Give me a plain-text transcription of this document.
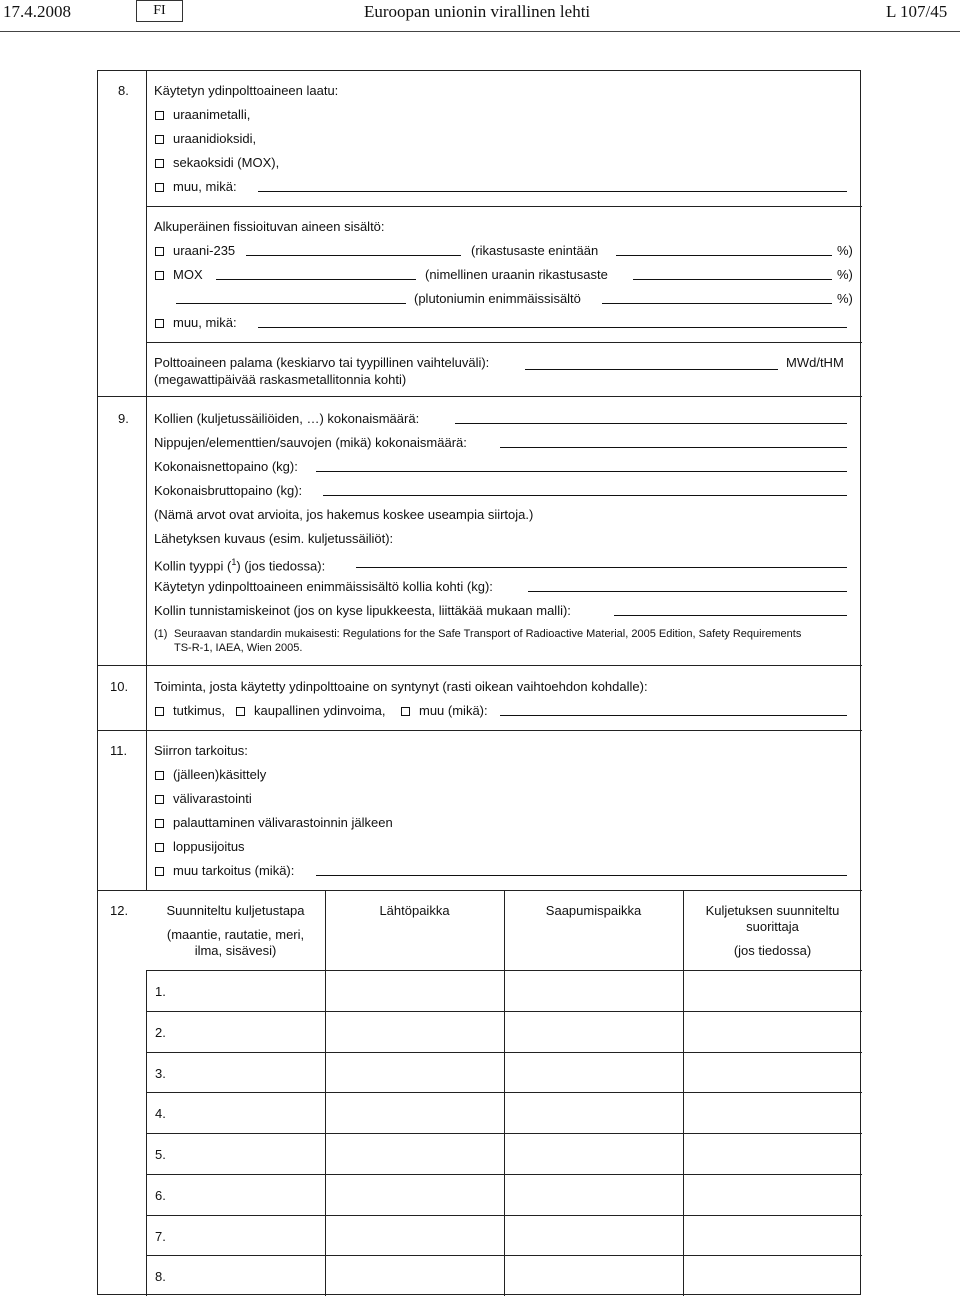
17.4.2008	FI	Euroopan unionin virallinen lehti	L 107/45
8. Käytetyn ydinpolttoaineen laatu:
uraanimetalli,
uraanidioksidi,
sekaoksidi (MOX),
muu, mikä:
Alkuperäinen fissioituvan aineen sisältö:
uraani-235	(rikastusaste enintään	%)
MOX	(nimellinen uraanin rikastusaste	%)
(plutoniumin enimmäissisältö	%)
muu, mikä:
Polttoaineen palama (keskiarvo tai tyypillinen vaihteluväli):
(megawattipäivää raskasmetallitonnia kohti)
MWd/tHM
9. Kollien (kuljetussäiliöiden, …) kokonaismäärä:
Nippujen/elementtien/sauvojen (mikä) kokonaismäärä:
Kokonaisnettopaino (kg):
Kokonaisbruttopaino (kg):
(Nämä arvot ovat arvioita, jos hakemus koskee useampia siirtoja.)
Lähetyksen kuvaus (esim. kuljetussäiliöt):
Kollin tyyppi ($^1$) (jos tiedossa):
Käytetyn ydinpolttoaineen enimmäissisältö kollia kohti (kg):
Kollin tunnistamiskeinot (jos on kyse lipukkeesta, liittäkää mukaan malli):
(1) Seuraavan standardin mukaisesti: Regulations for the Safe Transport of Radioactive Material, 2005 Edition, Safety Requirements
TS-R-1, IAEA, Wien 2005.
10. Toiminta, josta käytetty ydinpolttoaine on syntynyt (rasti oikean vaihtoehdon kohdalle):
tutkimus, kaupallinen ydinvoima,	muu (mikä):
11. Siirron tarkoitus:
(jälleen)käsittely
välivarastointi
palauttaminen välivarastoinnin jälkeen
loppusijoitus
muu tarkoitus (mikä):
12.	Suunniteltu kuljetustapa
(maantie, rautatie, meri,
ilma, sisävesi)
Lähtöpaikka	Saapumispaikka	Kuljetuksen suunniteltu
suorittaja
(jos tiedossa)
1.
2.
3.
4.
5.
6.
7.
8.
